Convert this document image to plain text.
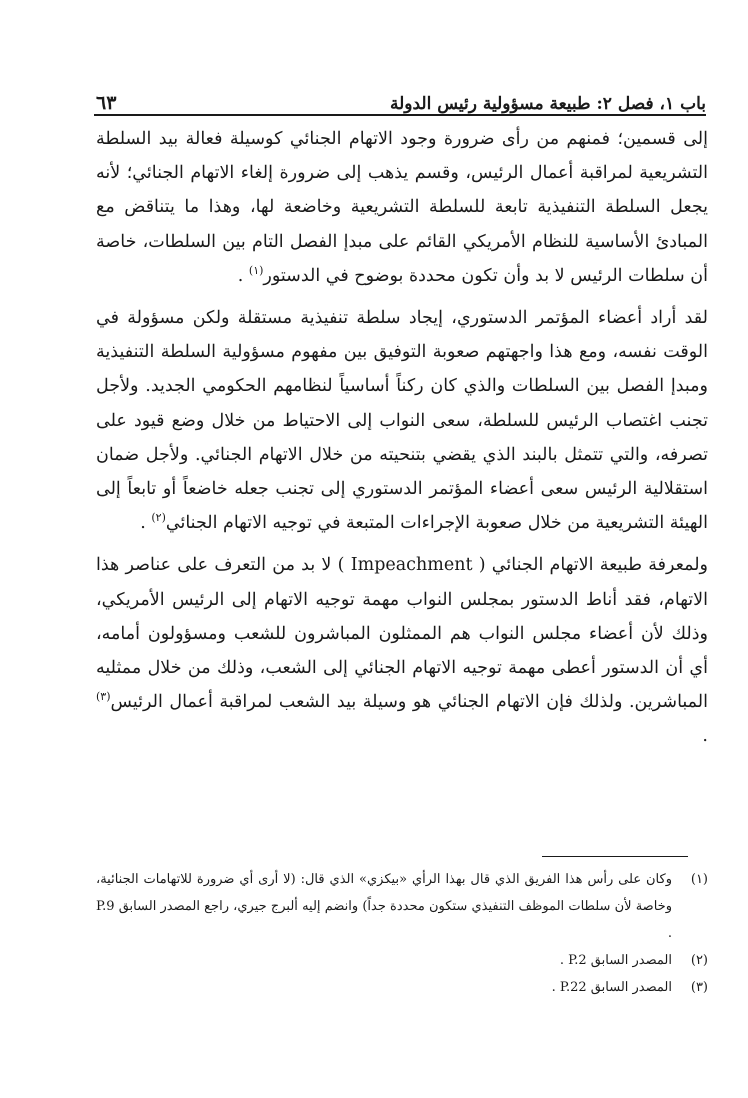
٦٣	باب ١، فصل ٢: طبيعة مسؤولية رئيس الدولة

إلى قسمين؛ فمنهم من رأى ضرورة وجود الاتهام الجنائي كوسيلة فعالة بيد السلطة التشريعية لمراقبة أعمال الرئيس، وقسم يذهب إلى ضرورة إلغاء الاتهام الجنائي؛ لأنه يجعل السلطة التنفيذية تابعة للسلطة التشريعية وخاضعة لها، وهذا ما يتناقض مع المبادئ الأساسية للنظام الأمريكي القائم على مبدإ الفصل التام بين السلطات، خاصة أن سلطات الرئيس لا بد وأن تكون محددة بوضوح في الدستور$^{(١)}$ .

لقد أراد أعضاء المؤتمر الدستوري، إيجاد سلطة تنفيذية مستقلة ولكن مسؤولة في الوقت نفسه، ومع هذا واجهتهم صعوبة التوفيق بين مفهوم مسؤولية السلطة التنفيذية ومبدإ الفصل بين السلطات والذي كان ركناً أساسياً لنظامهم الحكومي الجديد. ولأجل تجنب اغتصاب الرئيس للسلطة، سعى النواب إلى الاحتياط من خلال وضع قيود على تصرفه، والتي تتمثل بالبند الذي يقضي بتنحيته من خلال الاتهام الجنائي. ولأجل ضمان استقلالية الرئيس سعى أعضاء المؤتمر الدستوري إلى تجنب جعله خاضعاً أو تابعاً إلى الهيئة التشريعية من خلال صعوبة الإجراءات المتبعة في توجيه الاتهام الجنائي$^{(٢)}$ .

ولمعرفة طبيعة الاتهام الجنائي ( Impeachment ) لا بد من التعرف على عناصر هذا الاتهام، فقد أناط الدستور بمجلس النواب مهمة توجيه الاتهام إلى الرئيس الأمريكي، وذلك لأن أعضاء مجلس النواب هم الممثلون المباشرون للشعب ومسؤولون أمامه، أي أن الدستور أعطى مهمة توجيه الاتهام الجنائي إلى الشعب، وذلك من خلال ممثليه المباشرين. ولذلك فإن الاتهام الجنائي هو وسيلة بيد الشعب لمراقبة أعمال الرئيس$^{(٣)}$ .

(١)
وكان على رأس هذا الفريق الذي قال بهذا الرأي «بيكزي» الذي قال: (لا أرى أي ضرورة للاتهامات الجنائية، وخاصة لأن سلطات الموظف التنفيذي ستكون محددة جداً) وانضم إليه ألبرج جيري، راجع المصدر السابق P.9 .
(٢)
المصدر السابق P.2 .
(٣)
المصدر السابق P.22 .
